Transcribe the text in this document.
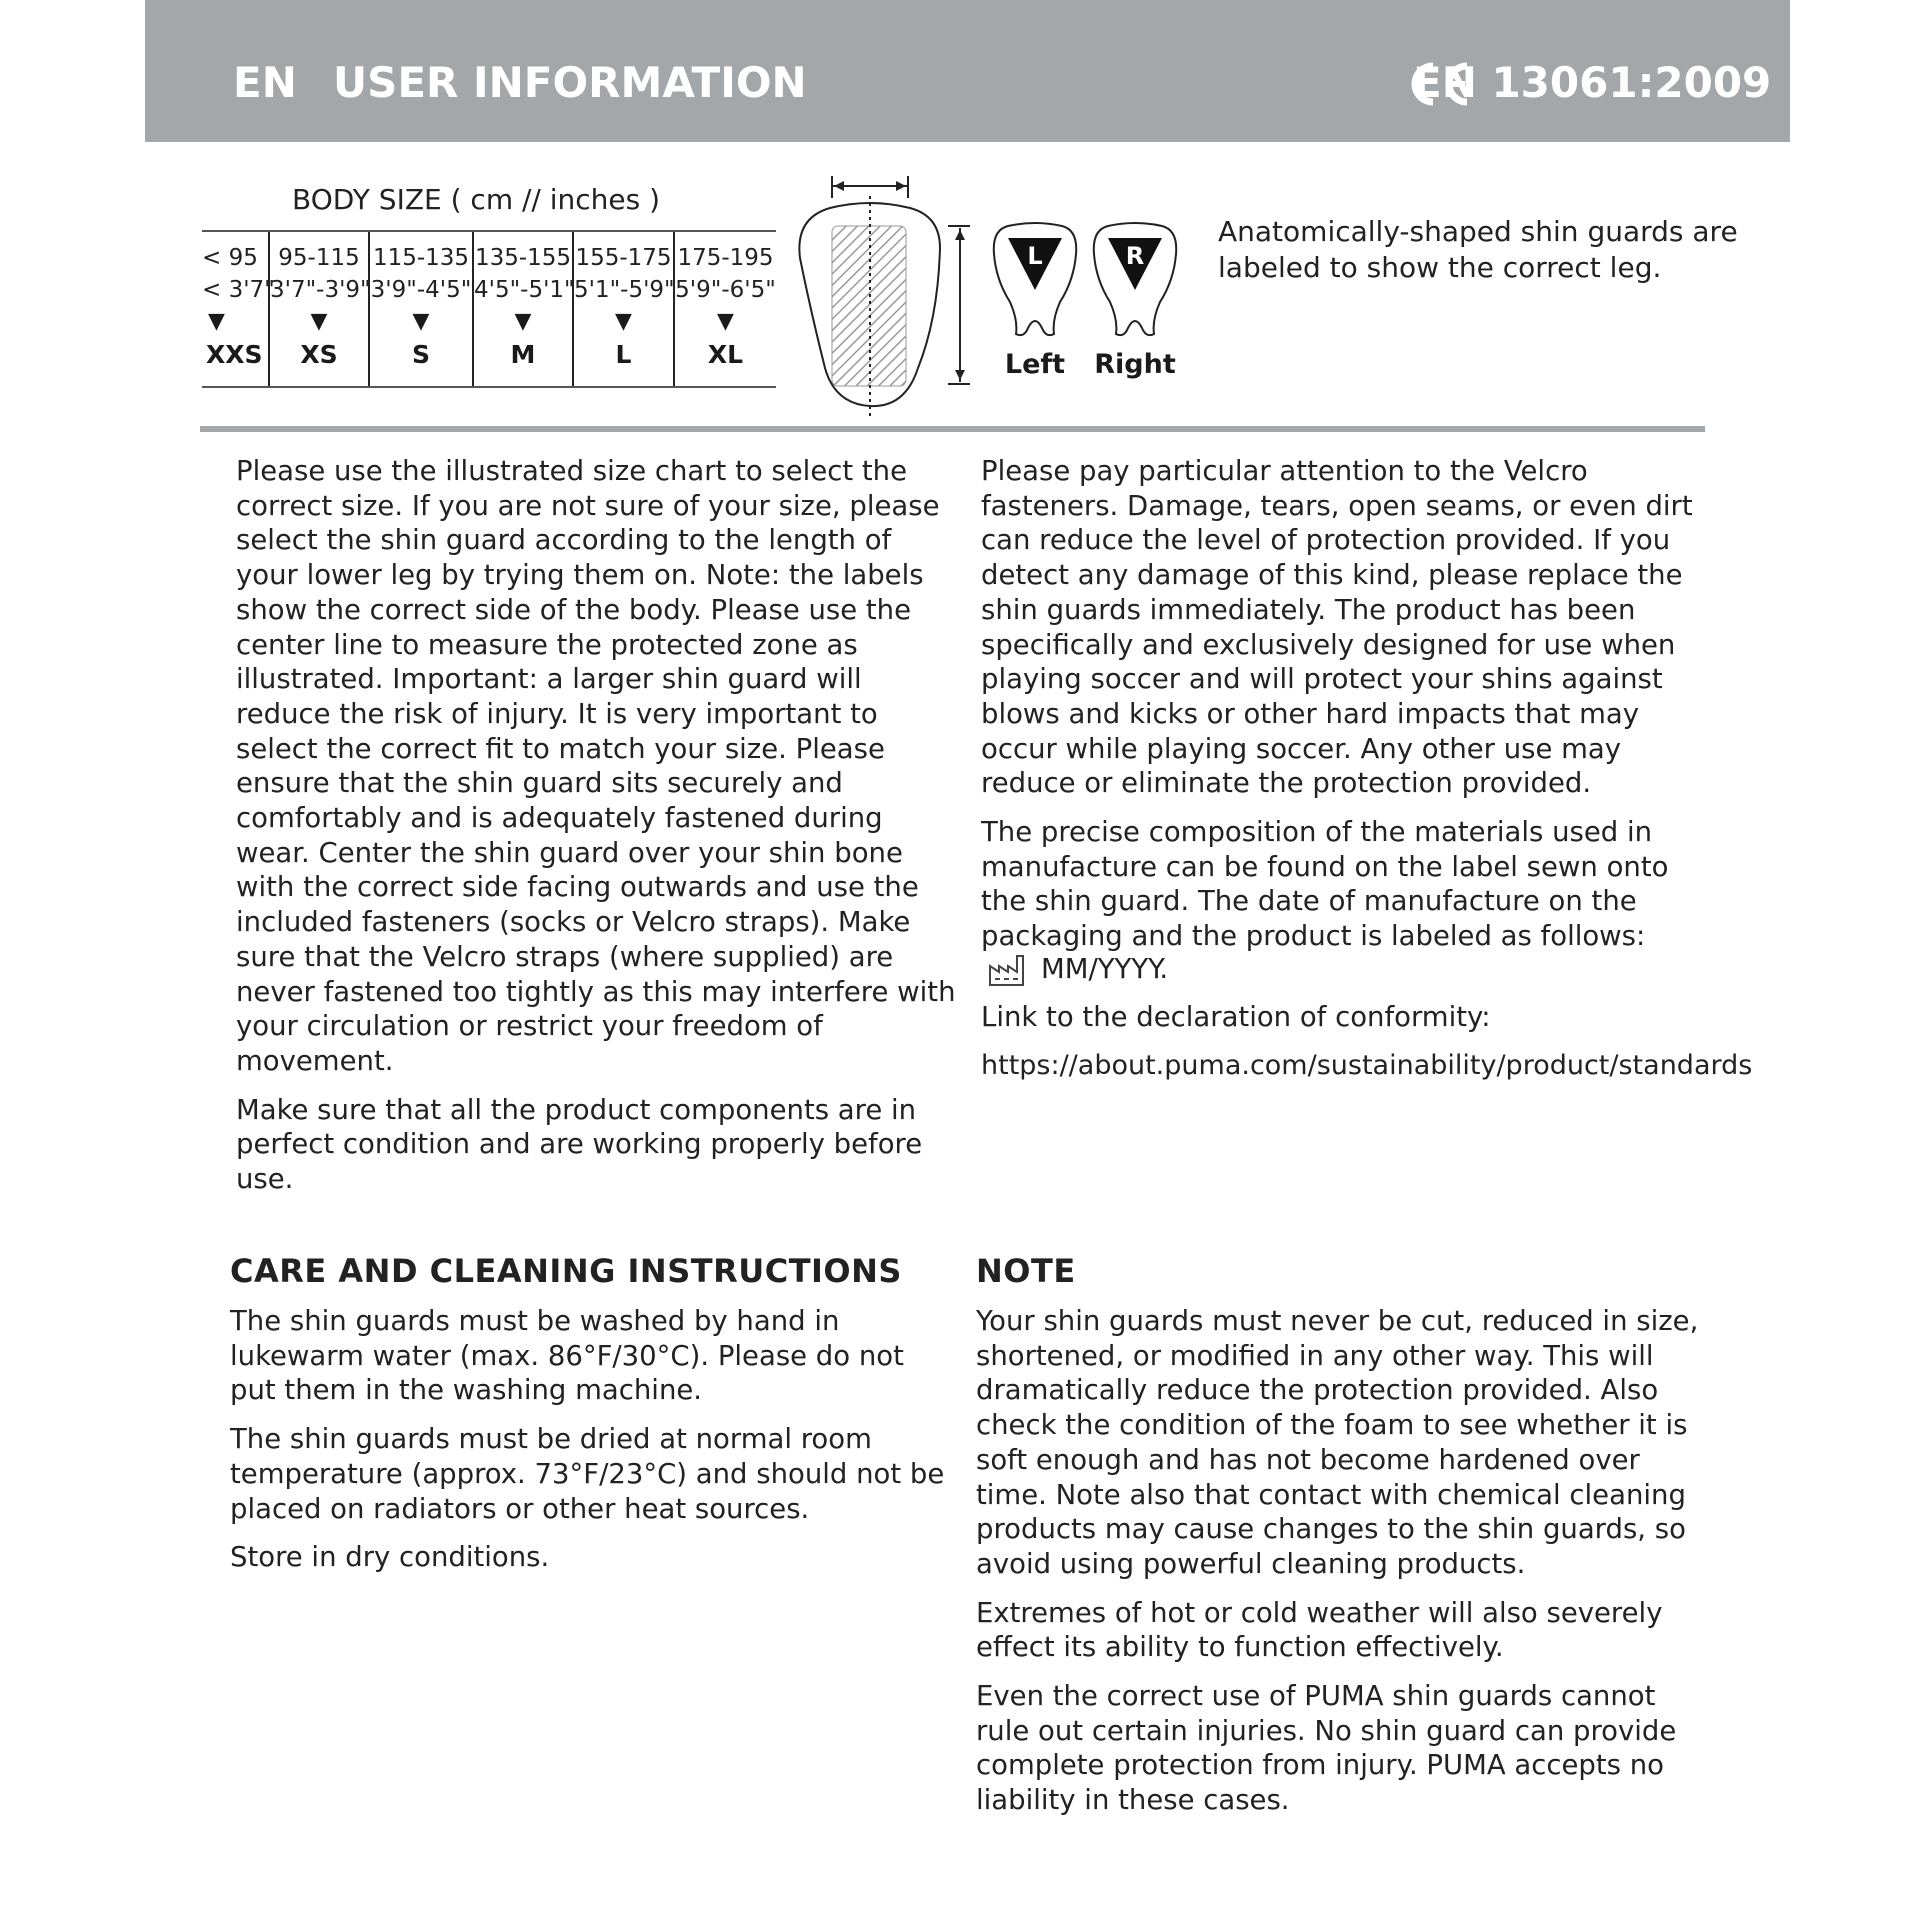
EN USER INFORMATION	EN 13061:2009
BODY SIZE ( cm // inches )
< 95
< 3'7"
▼
XXS
95-115
3'7"-3'9"
▼
XS
115-135
3'9"-4'5"
▼
S
135-155
4'5"-5'1"
▼
M
155-175
5'1"-5'9"
▼
L
175-195
5'9"-6'5"
▼
XL
L
Left
R
Right
Anatomically-shaped shin guards are labeled to show the correct leg.

Please use the illustrated size chart to select the correct size. If you are not sure of your size, please select the shin guard according to the length of your lower leg by trying them on. Note: the labels show the correct side of the body. Please use the center line to measure the protected zone as illustrated. Important: a larger shin guard will reduce the risk of injury. It is very important to select the correct fit to match your size. Please ensure that the shin guard sits securely and comfortably and is adequately fastened during wear. Center the shin guard over your shin bone with the correct side facing outwards and use the included fasteners (socks or Velcro straps). Make sure that the Velcro straps (where supplied) are never fastened too tightly as this may interfere with your circulation or restrict your freedom of movement.

Make sure that all the product components are in perfect condition and are working properly before use.

Please pay particular attention to the Velcro fasteners. Damage, tears, open seams, or even dirt can reduce the level of protection provided. If you detect any damage of this kind, please replace the shin guards immediately. The product has been specifically and exclusively designed for use when playing soccer and will protect your shins against blows and kicks or other hard impacts that may occur while playing soccer. Any other use may reduce or eliminate the protection provided.

The precise composition of the materials used in manufacture can be found on the label sewn onto the shin guard. The date of manufacture on the packaging and the product is labeled as follows:

MM/YYYY.

Link to the declaration of conformity:

https://about.puma.com/sustainability/product/standards

CARE AND CLEANING INSTRUCTIONS

The shin guards must be washed by hand in lukewarm water (max. 86°F/30°C). Please do not put them in the washing machine.

The shin guards must be dried at normal room temperature (approx. 73°F/23°C) and should not be placed on radiators or other heat sources.

Store in dry conditions.

NOTE

Your shin guards must never be cut, reduced in size, shortened, or modified in any other way. This will dramatically reduce the protection provided. Also check the condition of the foam to see whether it is soft enough and has not become hardened over time. Note also that contact with chemical cleaning products may cause changes to the shin guards, so avoid using powerful cleaning products.

Extremes of hot or cold weather will also severely effect its ability to function effectively.

Even the correct use of PUMA shin guards cannot rule out certain injuries. No shin guard can provide complete protection from injury. PUMA accepts no liability in these cases.
